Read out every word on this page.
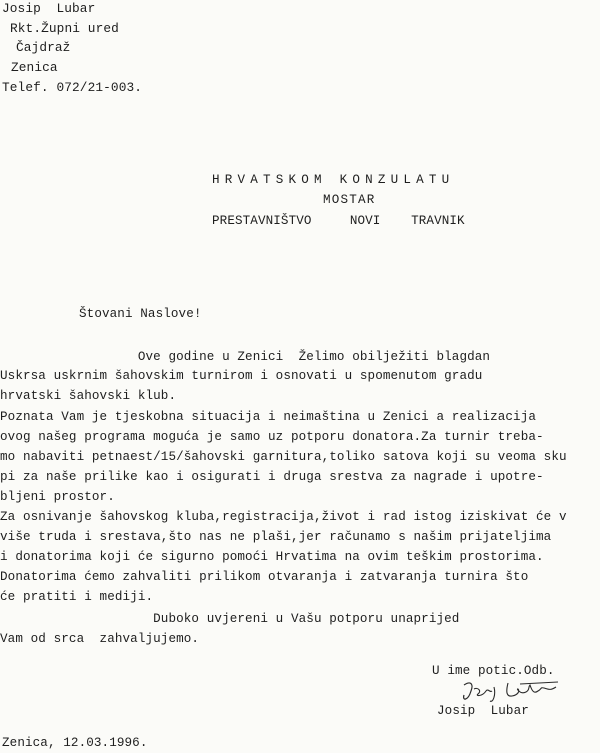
Josip  Lubar
Rkt.Župni ured
Čajdraž
Zenica
Telef. 072/21-003.
HRVATSKOM KONZULATU
MOSTAR
PRESTAVNIŠTVO     NOVI    TRAVNIK
Štovani Naslove!
Ove godine u Zenici  Želimo obilježiti blagdan
Uskrsa uskrnim šahovskim turnirom i osnovati u spomenutom gradu
hrvatski šahovski klub.
Poznata Vam je tjeskobna situacija i neimaština u Zenici a realizacija
ovog našeg programa moguća je samo uz potporu donatora.Za turnir treba-
mo nabaviti petnaest/15/šahovski garnitura,toliko satova koji su veoma sku
pi za naše prilike kao i osigurati i druga srestva za nagrade i upotre-
bljeni prostor.
Za osnivanje šahovskog kluba,registracija,život i rad istog iziskivat će v
više truda i srestava,što nas ne plaši,jer računamo s našim prijateljima
i donatorima koji će sigurno pomoći Hrvatima na ovim teškim prostorima.
Donatorima ćemo zahvaliti prilikom otvaranja i zatvaranja turnira što
će pratiti i mediji.
Duboko uvjereni u Vašu potporu unaprijed
Vam od srca  zahvaljujemo.
U ime potic.Odb.
Josip  Lubar
Zenica, 12.03.1996.
